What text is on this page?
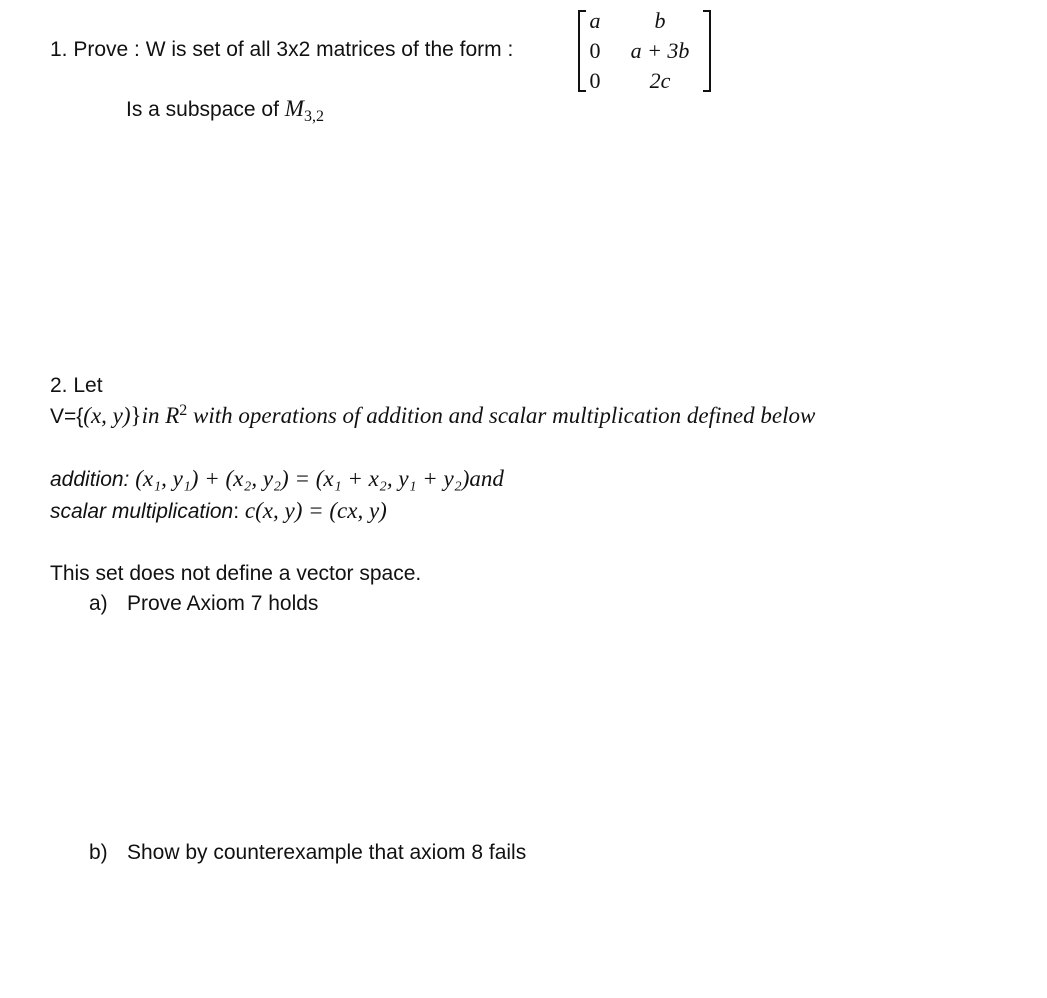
1. Prove : W is set of all 3x2 matrices of the form :
a	b
0	a + 3b
0	2c
Is a subspace of $M_{3,2}$
2. Let
V={(x, y)}in $R^2$ with operations of addition and scalar multiplication defined below
addition: (x₁, y₁) + (x₂, y₂) = (x₁ + x₂, y₁ + y₂)and
scalar multiplication: c(x, y) = (cx, y)
This set does not define a vector space.
a) Prove Axiom 7 holds
b) Show by counterexample that axiom 8 fails
